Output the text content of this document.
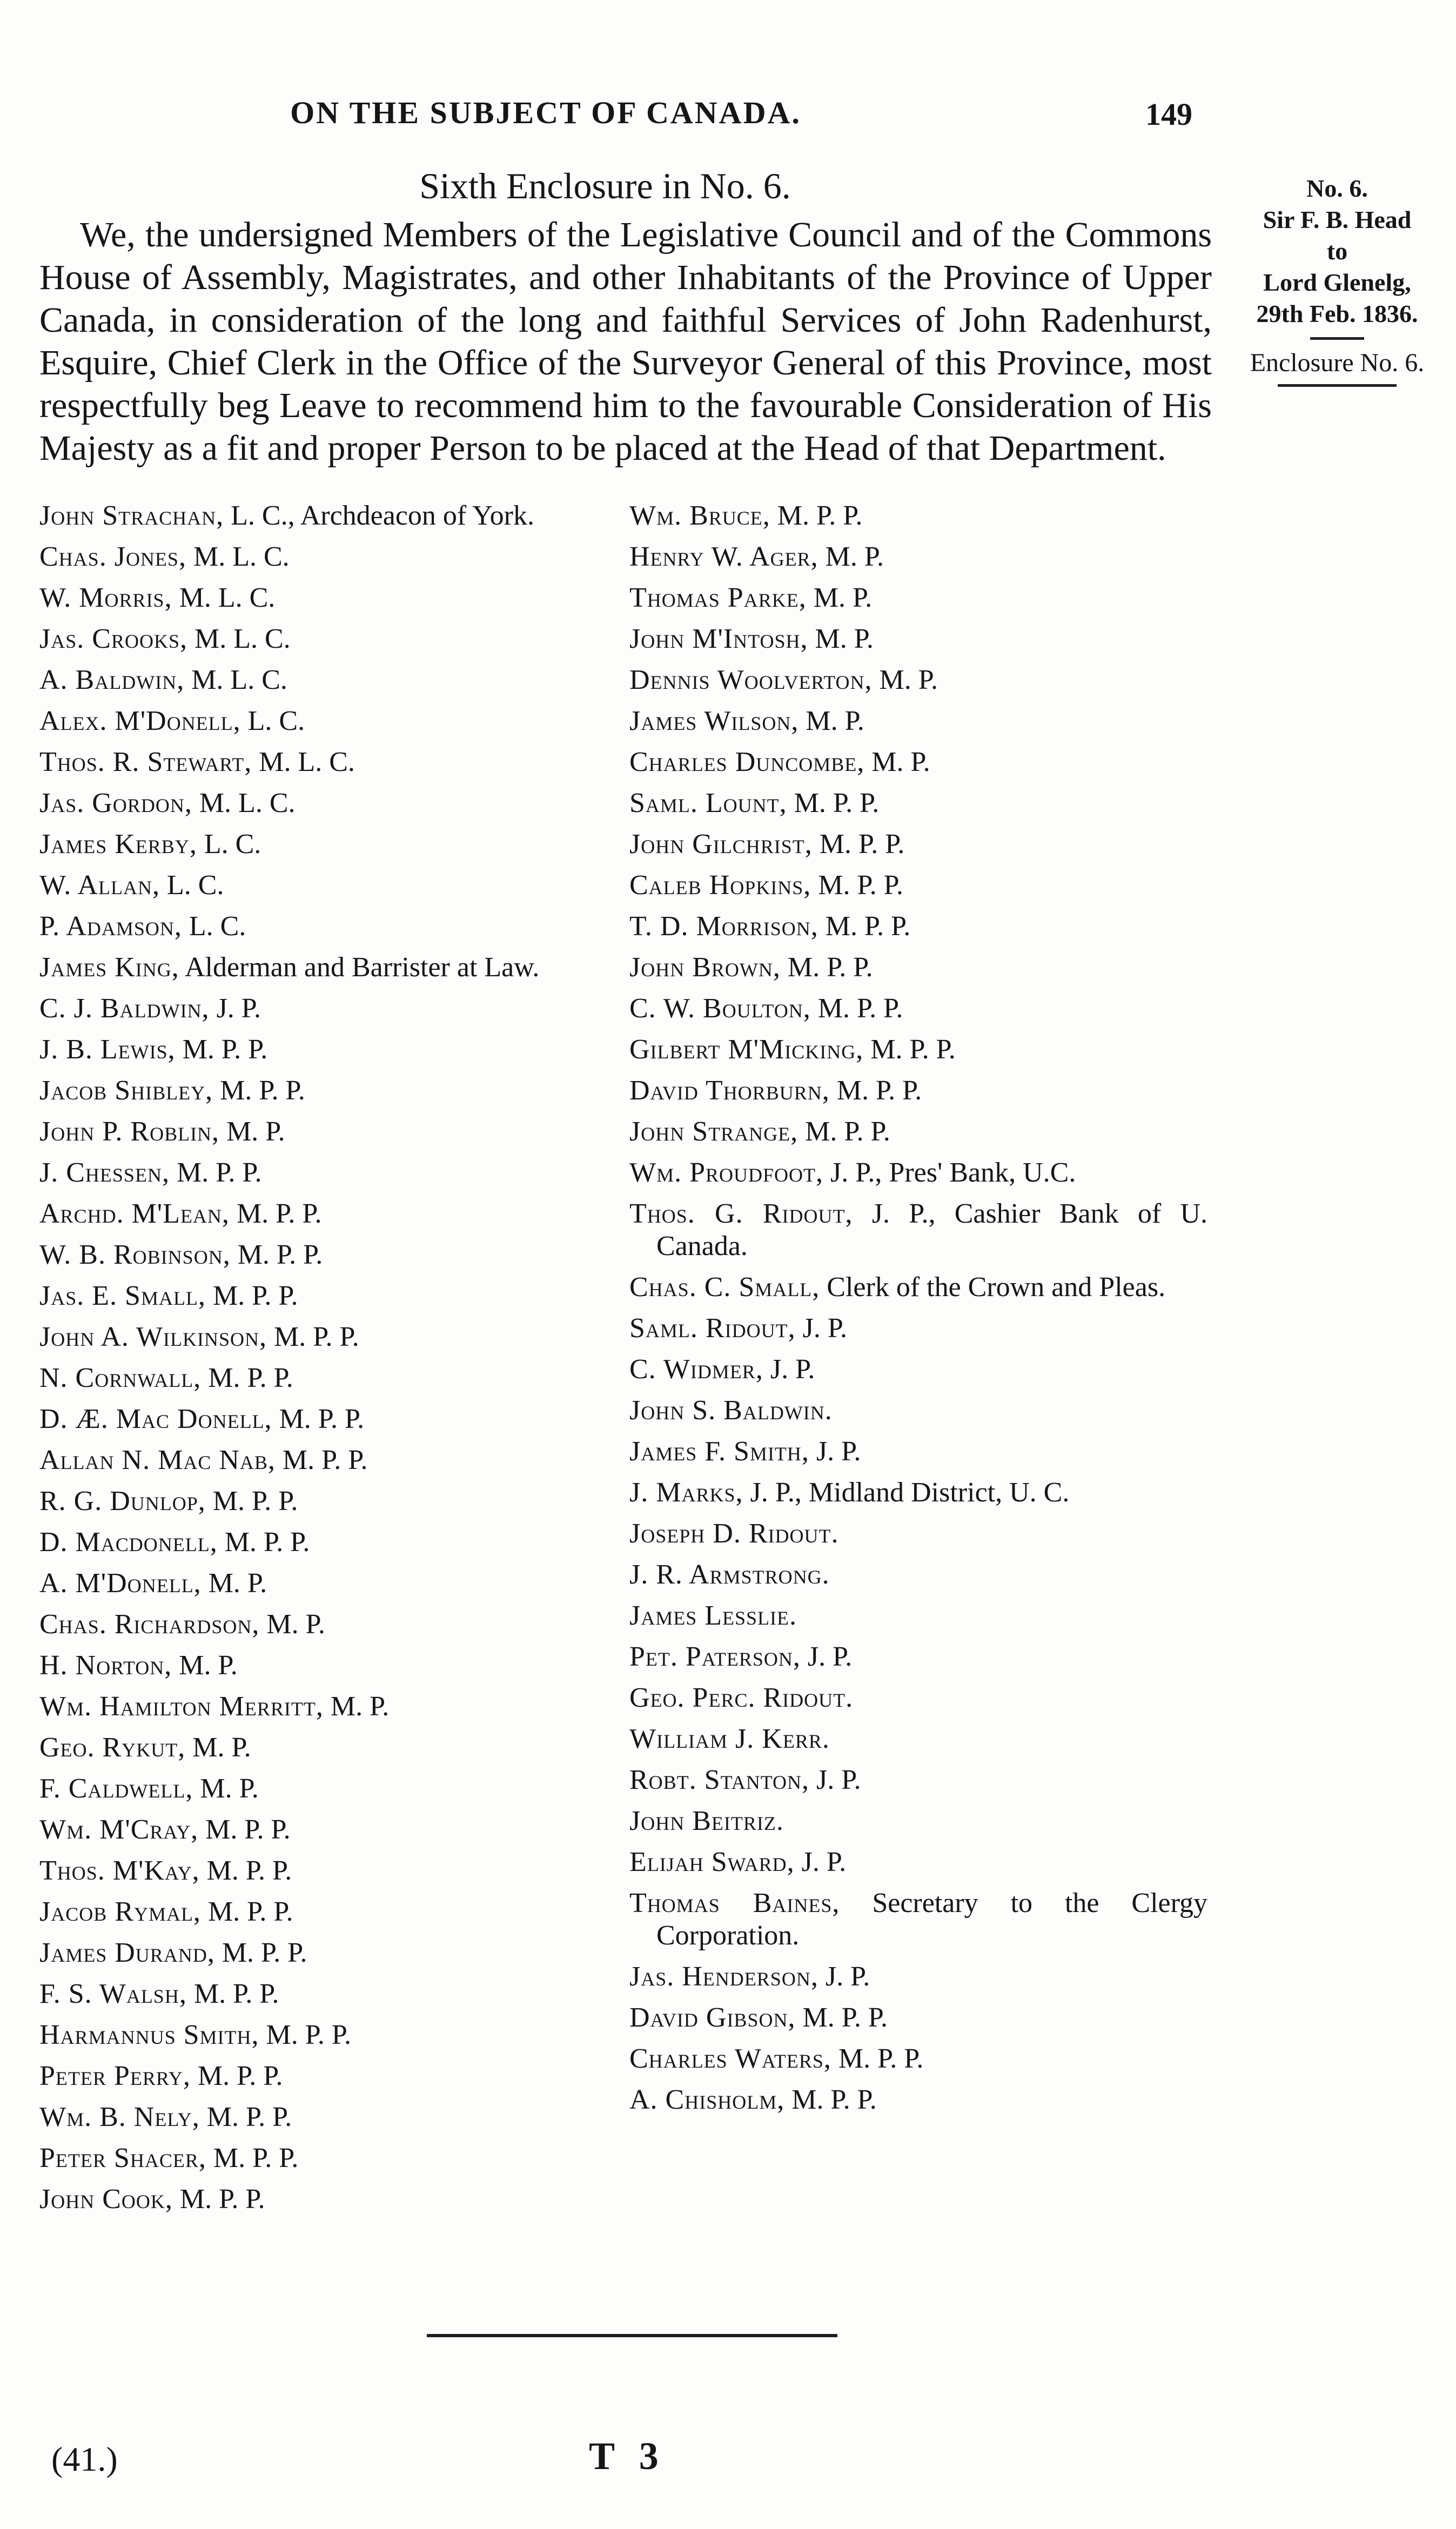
ON THE SUBJECT OF CANADA.	149
Sixth Enclosure in No. 6.
We, the undersigned Members of the Legislative Council and of the Commons House of Assembly, Magistrates, and other Inhabitants of the Province of Upper Canada, in consideration of the long and faithful Services of John Radenhurst, Esquire, Chief Clerk in the Office of the Surveyor General of this Province, most respectfully beg Leave to recommend him to the favourable Consideration of His Majesty as a fit and proper Person to be placed at the Head of that Department.
No. 6.
Sir F. B. Head
to
Lord Glenelg,
29th Feb. 1836.
Enclosure No. 6.
John Strachan, L. C., Archdeacon of York.
Chas. Jones, M. L. C.
W. Morris, M. L. C.
Jas. Crooks, M. L. C.
A. Baldwin, M. L. C.
Alex. M'Donell, L. C.
Thos. R. Stewart, M. L. C.
Jas. Gordon, M. L. C.
James Kerby, L. C.
W. Allan, L. C.
P. Adamson, L. C.
James King, Alderman and Barrister at Law.
C. J. Baldwin, J. P.
J. B. Lewis, M. P. P.
Jacob Shibley, M. P. P.
John P. Roblin, M. P.
J. Chessen, M. P. P.
Archd. M'Lean, M. P. P.
W. B. Robinson, M. P. P.
Jas. E. Small, M. P. P.
John A. Wilkinson, M. P. P.
N. Cornwall, M. P. P.
D. Æ. Mac Donell, M. P. P.
Allan N. Mac Nab, M. P. P.
R. G. Dunlop, M. P. P.
D. Macdonell, M. P. P.
A. M'Donell, M. P.
Chas. Richardson, M. P.
H. Norton, M. P.
Wm. Hamilton Merritt, M. P.
Geo. Rykut, M. P.
F. Caldwell, M. P.
Wm. M'Cray, M. P. P.
Thos. M'Kay, M. P. P.
Jacob Rymal, M. P. P.
James Durand, M. P. P.
F. S. Walsh, M. P. P.
Harmannus Smith, M. P. P.
Peter Perry, M. P. P.
Wm. B. Nely, M. P. P.
Peter Shacer, M. P. P.
John Cook, M. P. P.
Wm. Bruce, M. P. P.
Henry W. Ager, M. P.
Thomas Parke, M. P.
John M'Intosh, M. P.
Dennis Woolverton, M. P.
James Wilson, M. P.
Charles Duncombe, M. P.
Saml. Lount, M. P. P.
John Gilchrist, M. P. P.
Caleb Hopkins, M. P. P.
T. D. Morrison, M. P. P.
John Brown, M. P. P.
C. W. Boulton, M. P. P.
Gilbert M'Micking, M. P. P.
David Thorburn, M. P. P.
John Strange, M. P. P.
Wm. Proudfoot, J. P., Pres' Bank, U.C.
Thos. G. Ridout, J. P., Cashier Bank of U. Canada.
Chas. C. Small, Clerk of the Crown and Pleas.
Saml. Ridout, J. P.
C. Widmer, J. P.
John S. Baldwin.
James F. Smith, J. P.
J. Marks, J. P., Midland District, U. C.
Joseph D. Ridout.
J. R. Armstrong.
James Lesslie.
Pet. Paterson, J. P.
Geo. Perc. Ridout.
William J. Kerr.
Robt. Stanton, J. P.
John Beitriz.
Elijah Sward, J. P.
Thomas Baines, Secretary to the Clergy Corporation.
Jas. Henderson, J. P.
David Gibson, M. P. P.
Charles Waters, M. P. P.
A. Chisholm, M. P. P.
(41.)	T 3
